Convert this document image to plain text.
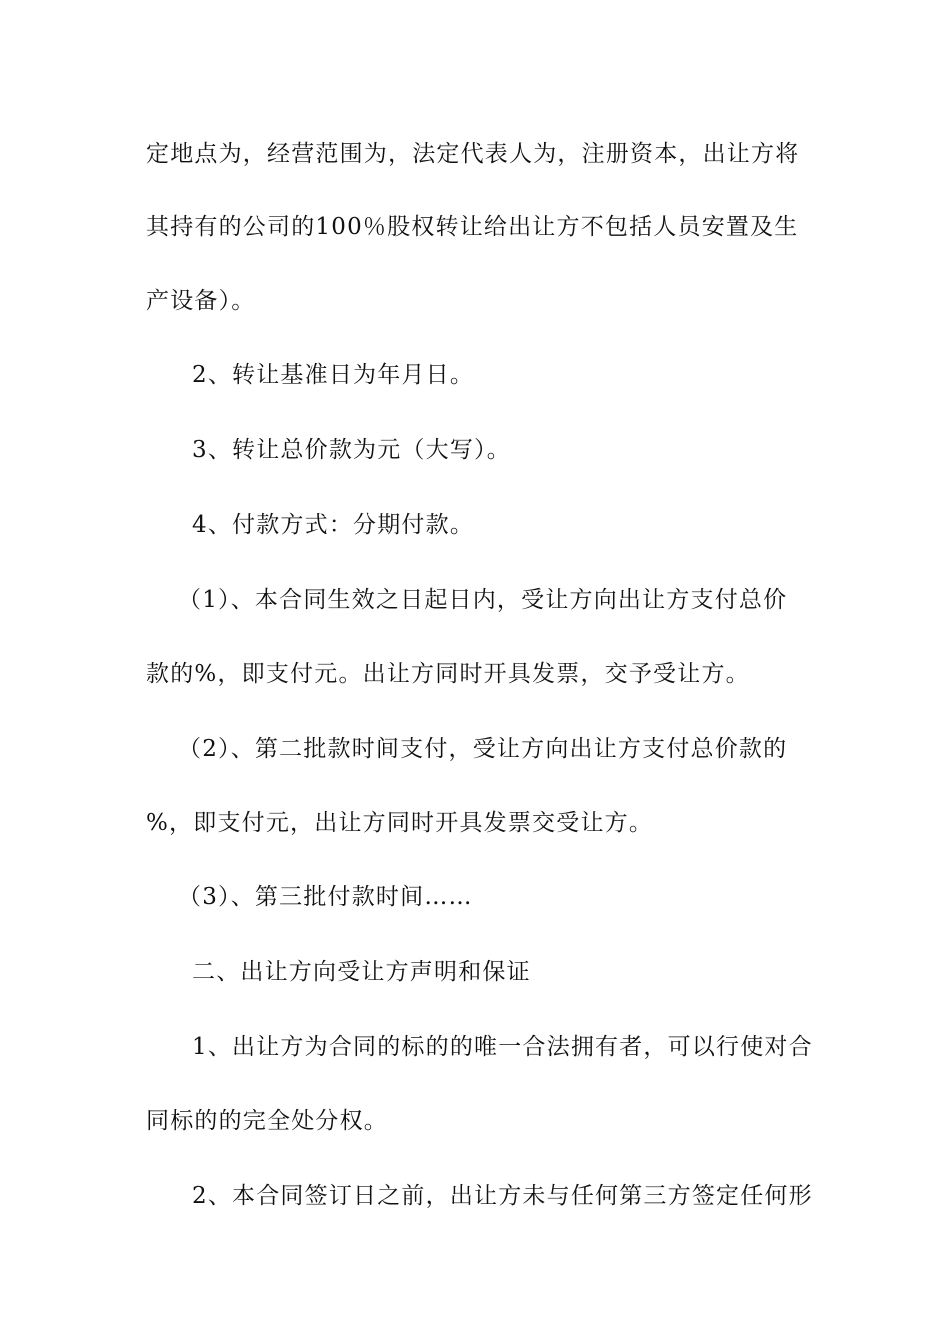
定地点为，经营范围为，法定代表人为，注册资本，出让方将
其持有的公司的100％股权转让给出让方不包括人员安置及生
产设备）。
2、转让基准日为年月日。
3、转让总价款为元（大写）。
4、付款方式：分期付款。
（1）、本合同生效之日起日内，受让方向出让方支付总价
款的%，即支付元。出让方同时开具发票，交予受让方。
（2）、第二批款时间支付，受让方向出让方支付总价款的
%，即支付元，出让方同时开具发票交受让方。
（3）、第三批付款时间……
二、出让方向受让方声明和保证
1、出让方为合同的标的的唯一合法拥有者，可以行使对合
同标的的完全处分权。
2、本合同签订日之前，出让方未与任何第三方签定任何形
